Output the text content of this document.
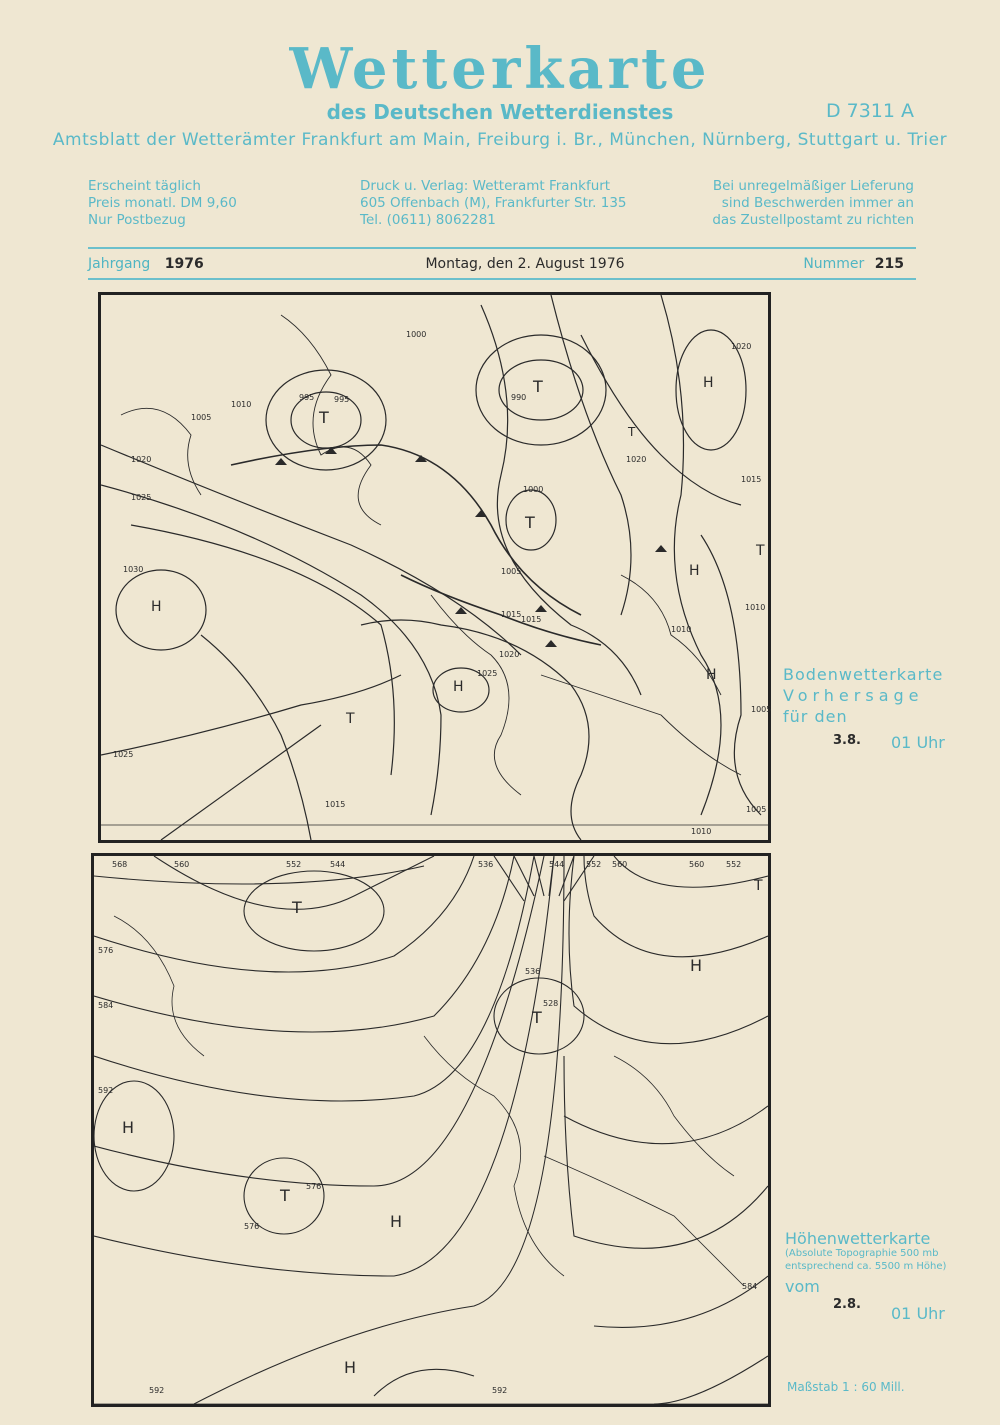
Wetterkarte
des Deutschen Wetterdienstes	D 7311 A
Amtsblatt der Wetterämter Frankfurt am Main, Freiburg i. Br., München, Nürnberg, Stuttgart u. Trier
Erscheint täglich
Preis monatl. DM 9,60
Nur Postbezug
Druck u. Verlag: Wetteramt Frankfurt
605 Offenbach (M), Frankfurter Str. 135
Tel. (0611) 8062281
Bei unregelmäßiger Lieferung
sind Beschwerden immer an
das Zustellpostamt zu richten
Jahrgang 1976	Montag, den 2. August 1976	Nummer 215
T
T
T
T
H
H
H
H
H
T
T
1000
995	990
995
1010
1005
1020
1025
1030
1020
1025
1015
1020
1025
1015
1010
1010
1005
1005
1010
1015
1020
1000
1005
1015
Bodenwetterkarte
Vorhersage
für den
3.8. 01 Uhr
568	560	552	544	536	544	552 560	560	552
576
584
592
528
536
576
576
584
592	592
T
T
T
H
H
H
H
T
Höhenwetterkarte
(Absolute Topographie 500 mb
entsprechend ca. 5500 m Höhe)
vom
2.8. 01 Uhr
Maßstab 1 : 60 Mill.
